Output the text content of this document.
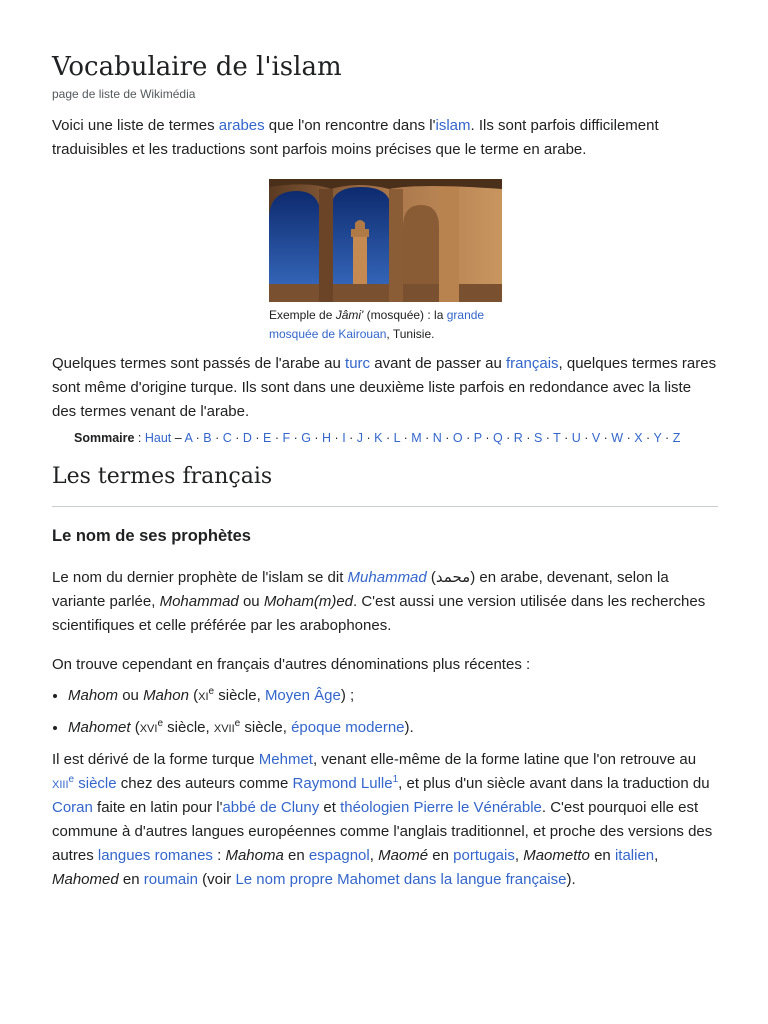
Vocabulaire de l'islam
page de liste de Wikimédia

Voici une liste de termes arabes que l'on rencontre dans l'islam. Ils sont parfois difficilement traduisibles et les traductions sont parfois moins précises que le terme en arabe.

Exemple de Jâmi' (mosquée) : la grande mosquée de Kairouan, Tunisie.

Quelques termes sont passés de l'arabe au turc avant de passer au français, quelques termes rares sont même d'origine turque. Ils sont dans une deuxième liste parfois en redondance avec la liste des termes venant de l'arabe.

Sommaire : Haut – A · B · C · D · E · F · G · H · I · J · K · L · M · N · O · P · Q · R · S · T · U · V · W · X · Y · Z
Les termes français
Le nom de ses prophètes

Le nom du dernier prophète de l'islam se dit Muhammad (محمد) en arabe, devenant, selon la variante parlée, Mohammad ou Moham(m)ed. C'est aussi une version utilisée dans les recherches scientifiques et celle préférée par les arabophones.

On trouve cependant en français d'autres dénominations plus récentes :

• Mahom ou Mahon ($xi^e$ siècle, Moyen Âge) ;
• Mahomet (xvi$^e$ siècle, xvii$^e$ siècle, époque moderne).

Il est dérivé de la forme turque Mehmet, venant elle-même de la forme latine que l'on retrouve au xiii$^e$ siècle chez des auteurs comme Raymond Lulle$^1$, et plus d'un siècle avant dans la traduction du Coran faite en latin pour l'abbé de Cluny et théologien Pierre le Vénérable. C'est pourquoi elle est commune à d'autres langues européennes comme l'anglais traditionnel, et proche des versions des autres langues romanes : Mahoma en espagnol, Maomé en portugais, Maometto en italien, Mahomed en roumain (voir Le nom propre Mahomet dans la langue française).
